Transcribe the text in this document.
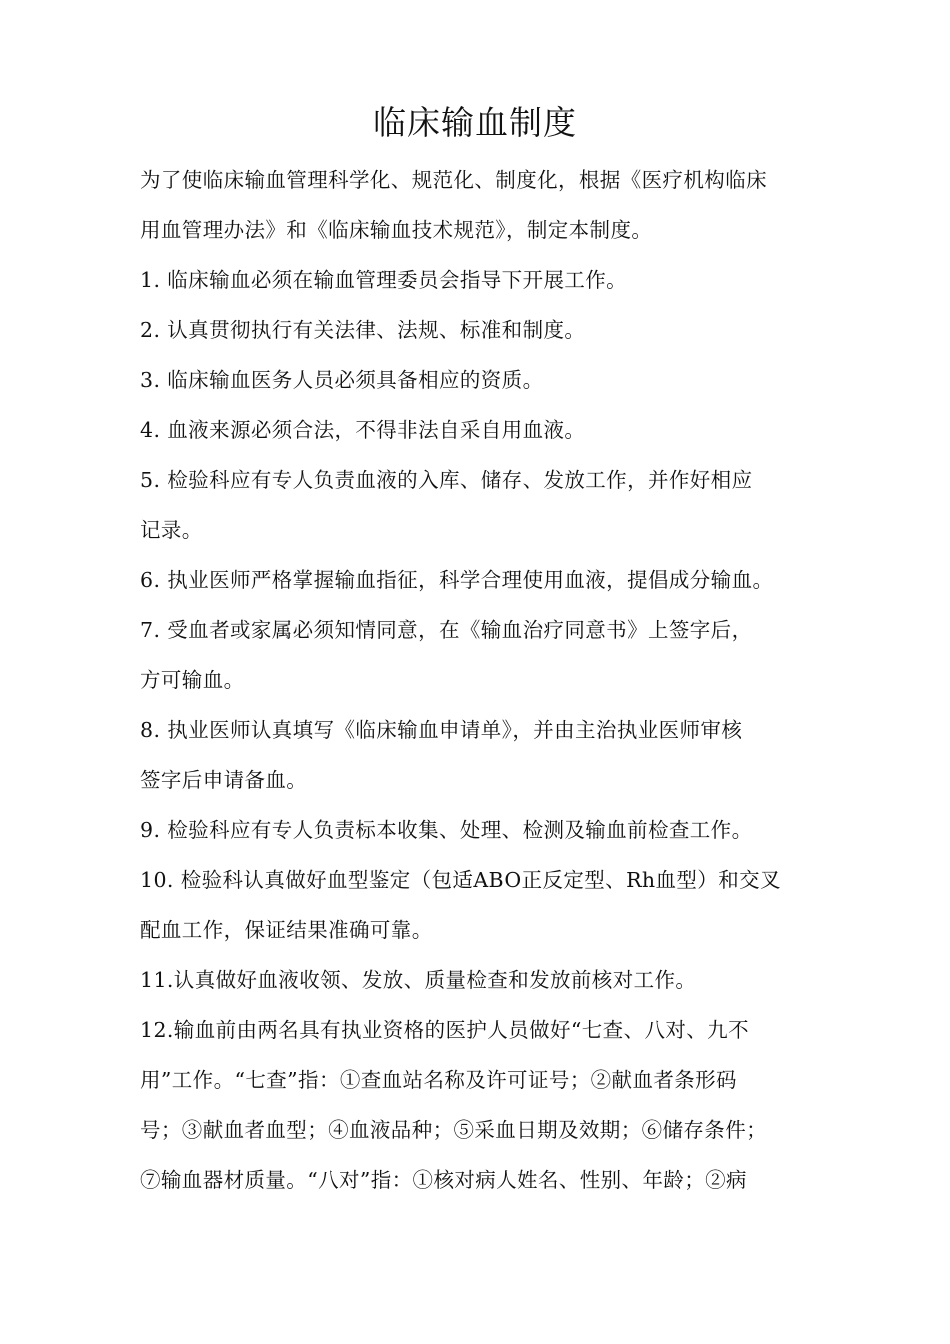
临床输血制度
为了使临床输血管理科学化、规范化、制度化，根据《医疗机构临床
用血管理办法》和《临床输血技术规范》，制定本制度。
1. 临床输血必须在输血管理委员会指导下开展工作。
2. 认真贯彻执行有关法律、法规、标准和制度。
3. 临床输血医务人员必须具备相应的资质。
4. 血液来源必须合法，不得非法自采自用血液。
5. 检验科应有专人负责血液的入库、储存、发放工作，并作好相应
记录。
6. 执业医师严格掌握输血指征，科学合理使用血液，提倡成分输血。
7. 受血者或家属必须知情同意，在《输血治疗同意书》上签字后，
方可输血。
8. 执业医师认真填写《临床输血申请单》，并由主治执业医师审核
签字后申请备血。
9. 检验科应有专人负责标本收集、处理、检测及输血前检查工作。
10. 检验科认真做好血型鉴定（包适ABO正反定型、Rh血型）和交叉
配血工作，保证结果准确可靠。
11.认真做好血液收领、发放、质量检查和发放前核对工作。
12.输血前由两名具有执业资格的医护人员做好“七查、八对、九不
用”工作。“七查”指：①查血站名称及许可证号；②献血者条形码
号；③献血者血型；④血液品种；⑤采血日期及效期；⑥储存条件；
⑦输血器材质量。“八对”指：①核对病人姓名、性别、年龄；②病
